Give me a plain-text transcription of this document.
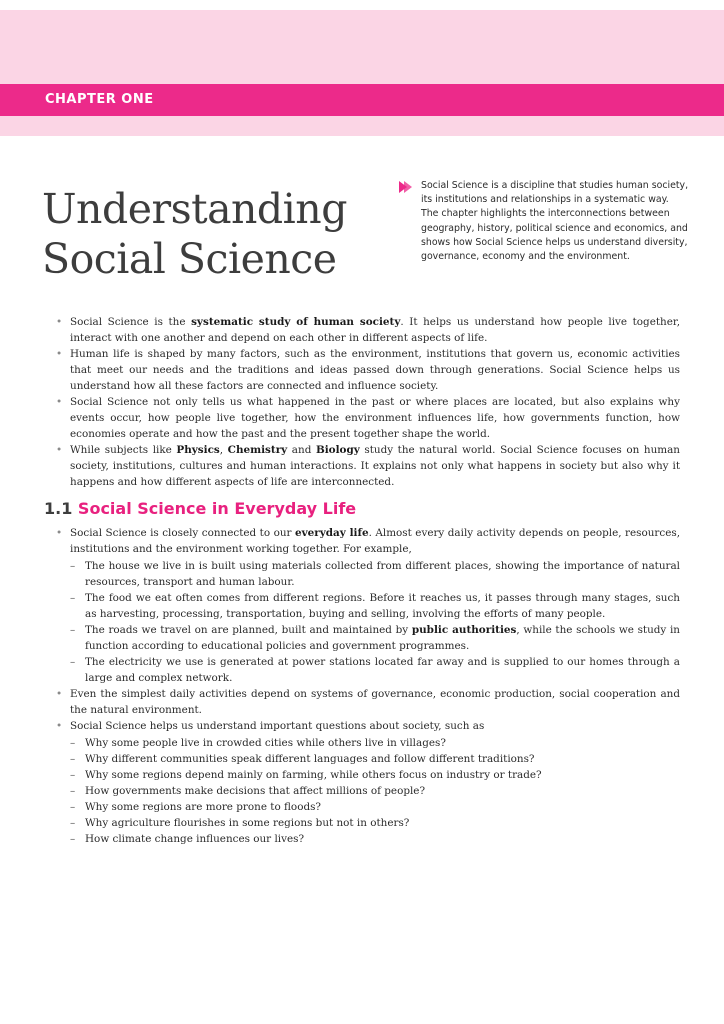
CHAPTER ONE
Understanding
Social Science

Social Science is a discipline that studies human society, its institutions and relationships in a systematic way. The chapter highlights the interconnections between geography, history, political science and economics, and shows how Social Science helps us understand diversity, governance, economy and the environment.

• Social Science is the systematic study of human society. It helps us understand how people live together, interact with one another and depend on each other in different aspects of life.
• Human life is shaped by many factors, such as the environment, institutions that govern us, economic activities that meet our needs and the traditions and ideas passed down through generations. Social Science helps us understand how all these factors are connected and influence society.
• Social Science not only tells us what happened in the past or where places are located, but also explains why events occur, how people live together, how the environment influences life, how governments function, how economies operate and how the past and the present together shape the world.
• While subjects like Physics, Chemistry and Biology study the natural world. Social Science focuses on human society, institutions, cultures and human interactions. It explains not only what happens in society but also why it happens and how different aspects of life are interconnected.
1.1 Social Science in Everyday Life
• Social Science is closely connected to our everyday life. Almost every daily activity depends on people, resources, institutions and the environment working together. For example,
– The house we live in is built using materials collected from different places, showing the importance of natural resources, transport and human labour.
– The food we eat often comes from different regions. Before it reaches us, it passes through many stages, such as harvesting, processing, transportation, buying and selling, involving the efforts of many people.
– The roads we travel on are planned, built and maintained by public authorities, while the schools we study in function according to educational policies and government programmes.
– The electricity we use is generated at power stations located far away and is supplied to our homes through a large and complex network.
• Even the simplest daily activities depend on systems of governance, economic production, social cooperation and the natural environment.
• Social Science helps us understand important questions about society, such as
– Why some people live in crowded cities while others live in villages?
– Why different communities speak different languages and follow different traditions?
– Why some regions depend mainly on farming, while others focus on industry or trade?
– How governments make decisions that affect millions of people?
– Why some regions are more prone to floods?
– Why agriculture flourishes in some regions but not in others?
– How climate change influences our lives?
